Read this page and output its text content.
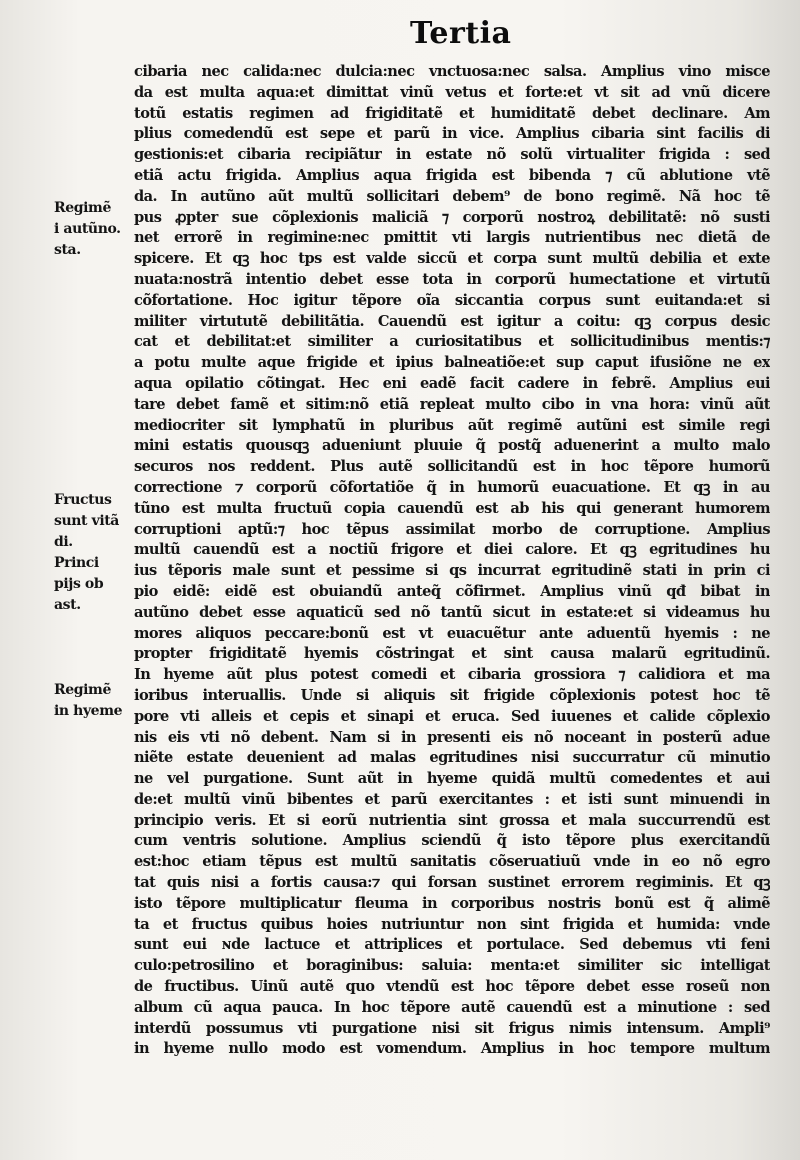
Tertia
cibaria nec calida:nec dulcia:nec vnctuosa:nec salsa. Amplius vino misce
da est multa aqua:et dimittat vinũ vetus et forte:et vt sit ad vnũ dicere
totũ estatis regimen ad frigiditatẽ et humiditatẽ debet declinare. Am
plius comedendũ est sepe et parũ in vice. Amplius cibaria sint facilis di
gestionis:et cibaria recipiãtur in estate nõ solũ virtualiter frigida : sed
etiã actu frigida. Amplius aqua frigida est bibenda ⁊ cũ ablutione vtẽ
da. In autũno aũt multũ sollicitari debem⁹ de bono regimẽ. Nã hoc tẽ
pus ꝓpter sue cõplexionis maliciã ⁊ corporũ nostroꝝ debilitatẽ: nõ susti
net errorẽ in regimine:nec pmittit vti largis nutrientibus nec dietã de
spicere. Et qꝫ hoc tps est valde siccũ et corpa sunt multũ debilia et exte
nuata:nostrã intentio debet esse tota in corporũ humectatione et virtutũ
cõfortatione. Hoc igitur tẽpore oĩa siccantia corpus sunt euitanda:et si
militer virtututẽ debilitãtia. Cauendũ est igitur a coitu: qꝫ corpus desic
cat et debilitat:et similiter a curiositatibus et sollicitudinibus mentis:⁊
a potu multe aque frigide et ipius balneatiõe:et sup caput ifusiõne ne ex
aqua opilatio cõtingat. Hec eni eadẽ facit cadere in febrẽ. Amplius eui
tare debet famẽ et sitim:nõ etiã repleat multo cibo in vna hora: vinũ aũt
mediocriter sit lymphatũ in pluribus aũt regimẽ autũni est simile regi
mini estatis quousqꝫ adueniunt pluuie q̃ postq̃ aduenerint a multo malo
securos nos reddent. Plus autẽ sollicitandũ est in hoc tẽpore humorũ
correctione ⁊ corporũ cõfortatiõe q̃ in humorũ euacuatione. Et qꝫ in au
tũno est multa fructuũ copia cauendũ est ab his qui generant humorem
corruptioni aptũ:⁊ hoc tẽpus assimilat morbo de corruptione. Amplius
multũ cauendũ est a noctiũ frigore et diei calore. Et qꝫ egritudines hu
ius tẽporis male sunt et pessime si qs incurrat egritudinẽ stati in prin ci
pio eidẽ: eidẽ est obuiandũ anteq̃ cõfirmet. Amplius vinũ qđ bibat in
autũno debet esse aquaticũ sed nõ tantũ sicut in estate:et si videamus hu
mores aliquos peccare:bonũ est vt euacuẽtur ante aduentũ hyemis : ne
propter frigiditatẽ hyemis cõstringat et sint causa malarũ egritudinũ.
In hyeme aũt plus potest comedi et cibaria grossiora ⁊ calidiora et ma
ioribus interuallis. Unde si aliquis sit frigide cõplexionis potest hoc tẽ
pore vti alleis et cepis et sinapi et eruca. Sed iuuenes et calide cõplexio
nis eis vti nõ debent. Nam si in presenti eis nõ noceant in posterũ adue
niẽte estate deuenient ad malas egritudines nisi succurratur cũ minutio
ne vel purgatione. Sunt aũt in hyeme quidã multũ comedentes et aui
de:et multũ vinũ bibentes et parũ exercitantes : et isti sunt minuendi in
principio veris. Et si eorũ nutrientia sint grossa et mala succurrendũ est
cum ventris solutione. Amplius sciendũ q̃ isto tẽpore plus exercitandũ
est:hoc etiam tẽpus est multũ sanitatis cõseruatiuũ vnde in eo nõ egro
tat quis nisi a fortis causa:⁊ qui forsan sustinet errorem regiminis. Et qꝫ
isto tẽpore multiplicatur fleuma in corporibus nostris bonũ est q̃ alimẽ
ta et fructus quibus hoies nutriuntur non sint frigida et humida: vnde
sunt eui ɴde lactuce et attriplices et portulace. Sed debemus vti feni
culo:petrosilino et boraginibus: saluia: menta:et similiter sic intelligat
de fructibus. Uinũ autẽ quo vtendũ est hoc tẽpore debet esse roseũ non
album cũ aqua pauca. In hoc tẽpore autẽ cauendũ est a minutione : sed
interdũ possumus vti purgatione nisi sit frigus nimis intensum. Ampli⁹
in hyeme nullo modo est vomendum. Amplius in hoc tempore multum
Regimẽ
i autũno.
sta.
Fructus
sunt vitã
di.
Princi
pijs ob
ast.
Regimẽ
in hyeme
